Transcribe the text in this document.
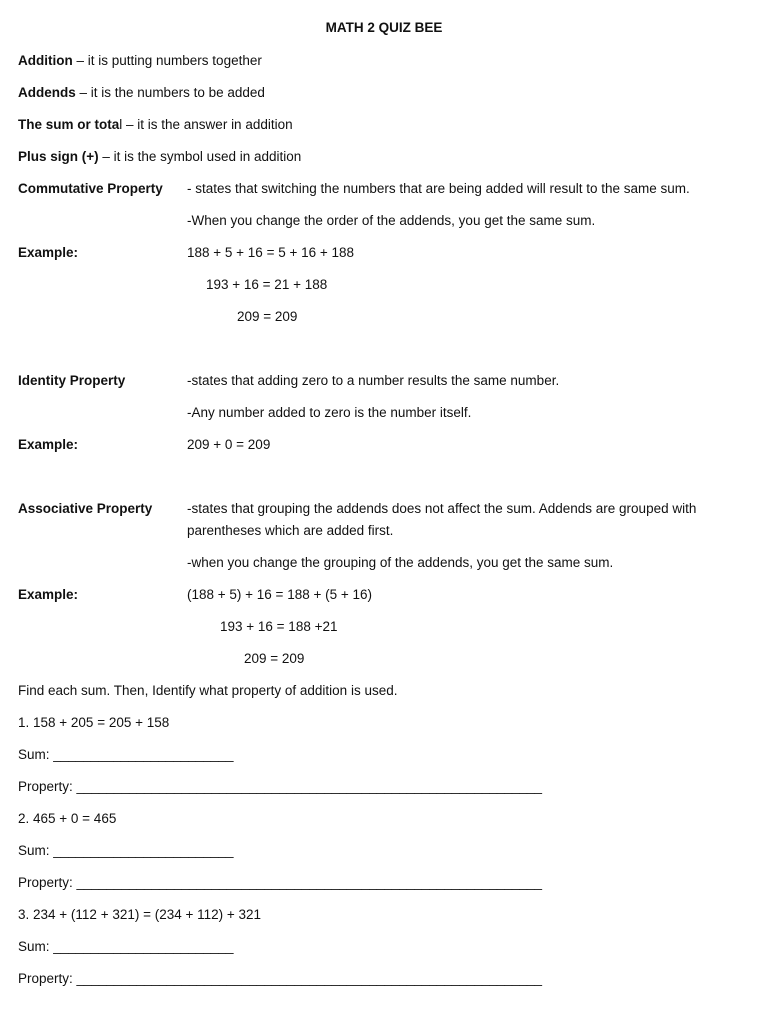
MATH 2 QUIZ BEE
Addition – it is putting numbers together
Addends – it is the numbers to be added
The sum or total – it is the answer in addition
Plus sign (+) – it is the symbol used in addition
Commutative Property - states that switching the numbers that are being added will result to the same sum.
-When you change the order of the addends, you get the same sum.
Example:	188 + 5 + 16 = 5 + 16 + 188
193 + 16 = 21 + 188
209 = 209
Identity Property	-states that adding zero to a number results the same number.
-Any number added to zero is the number itself.
Example:	209 + 0 = 209
Associative Property	-states that grouping the addends does not affect the sum. Addends are grouped with parentheses which are added first.
-when you change the grouping of the addends, you get the same sum.
Example:	(188 + 5) + 16 = 188 + (5 + 16)
193 + 16 = 188 +21
209 = 209
Find each sum. Then, Identify what property of addition is used.
1. 158 + 205 = 205 + 158
Sum: ________________________
Property: ______________________________________________________________
2. 465 + 0 = 465
Sum: ________________________
Property: ______________________________________________________________
3. 234 + (112 + 321) = (234 + 112) + 321
Sum: ________________________
Property: ______________________________________________________________
